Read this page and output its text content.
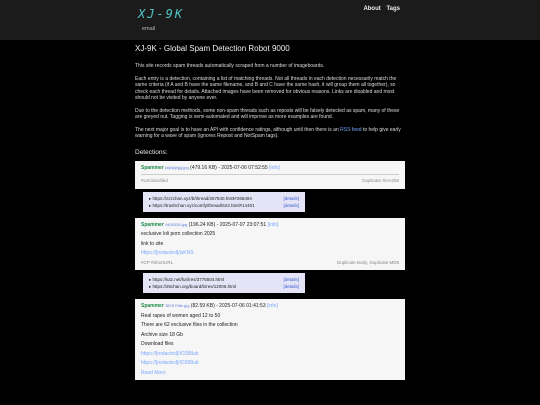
XJ-9K
email
About Tags
XJ-9K - Global Spam Detection Robot 9000

This site records spam threads automatically scraped from a number of imageboards.

Each entry is a detection, containing a list of matching threads. Not all threads in each detection necessarily match the same criteria (if A and B have the same filename, and B and C have the same hash, it will group them all together), so check each thread for details. Attached images have been removed for obvious reasons. Links are disabled and most should not be visited by anyone ever.

Due to the detection methods, some non-spam threads such as reposts will be falsely detected as spam, many of these are greyed out. Tagging is semi-automated and will improve as more examples are found.

The next major goal is to have an API with confidence ratings, although until then there is an RSS feed to help give early warning for a wave of spam (ignores Repost and NotSpam tags).

Detections:
Spammer kkjhjkjhjjg.jpg (479.16 KB) - 2025-07-06 07:52:55 [info]
#Unclassified	Duplicate SHA256
▸ https://zzzchan.xyz/b/thread/267840.html#268494	[details]
▸ https://trashchan.xyz/comfy/thread/623.html#14401	[details]
Spammer 9400335.jpg (196.24 KB) - 2025-07-07 23:07:51 [info]
exclusive loli porn collection 2025
link to site
https://[redacted]/jsKNS
#CP #ShortURL	Duplicate Body, Duplicate MD5
▸ https://lutz.net/furi/res/3775504.html	[details]
▸ https://26chan.org/board/b/res/12006.html	[details]
Spammer 3576 Elite.jpg (82.59 KB) - 2025-07-06 01:41:53 [info]
Real rapes of women aged 12 to 50
There are 62 exclusive files in the collection
Archive size 18 Gb
Download files
https://[redacted]/iO288ub
https://[redacted]/iO288ub
Read More
